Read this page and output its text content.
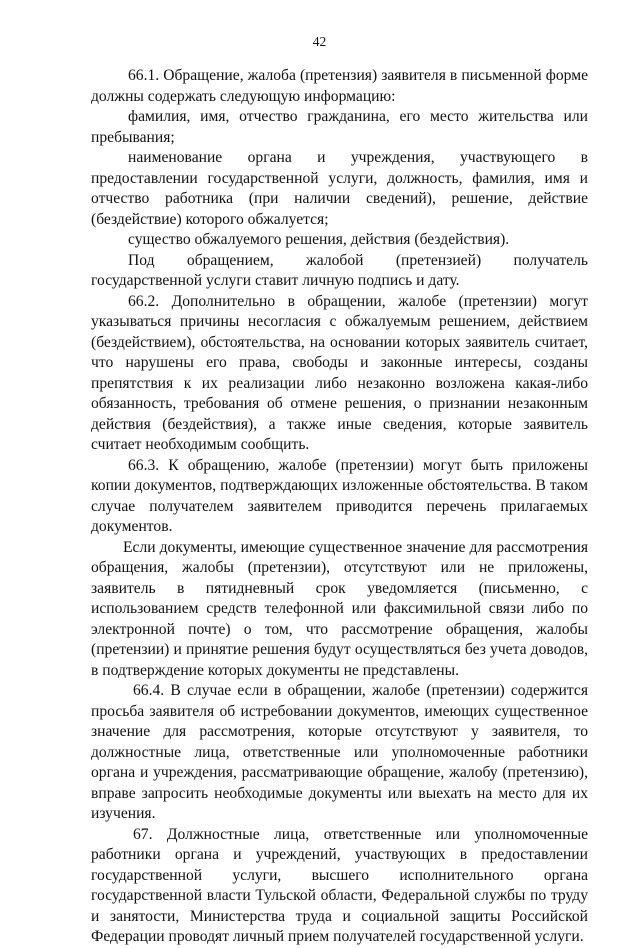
42

66.1. Обращение, жалоба (претензия) заявителя в письменной форме должны содержать следующую информацию:

фамилия, имя, отчество гражданина, его место жительства или пребывания;

наименование органа и учреждения, участвующего в предоставлении государственной услуги, должность, фамилия, имя и отчество работника (при наличии сведений), решение, действие (бездействие) которого обжалуется;

существо обжалуемого решения, действия (бездействия).

Под обращением, жалобой (претензией) получатель государственной услуги ставит личную подпись и дату.

66.2. Дополнительно в обращении, жалобе (претензии) могут указываться причины несогласия с обжалуемым решением, действием (бездействием), обстоятельства, на основании которых заявитель считает, что нарушены его права, свободы и законные интересы, созданы препятствия к их реализации либо незаконно возложена какая-либо обязанность, требования об отмене решения, о признании незаконным действия (бездействия), а также иные сведения, которые заявитель считает необходимым сообщить.

66.3. К обращению, жалобе (претензии) могут быть приложены копии документов, подтверждающих изложенные обстоятельства. В таком случае получателем заявителем приводится перечень прилагаемых документов.

Если документы, имеющие существенное значение для рассмотрения обращения, жалобы (претензии), отсутствуют или не приложены, заявитель в пятидневный срок уведомляется (письменно, с использованием средств телефонной или факсимильной связи либо по электронной почте) о том, что рассмотрение обращения, жалобы (претензии) и принятие решения будут осуществляться без учета доводов, в подтверждение которых документы не представлены.

66.4. В случае если в обращении, жалобе (претензии) содержится просьба заявителя об истребовании документов, имеющих существенное значение для рассмотрения, которые отсутствуют у заявителя, то должностные лица, ответственные или уполномоченные работники органа и учреждения, рассматривающие обращение, жалобу (претензию), вправе запросить необходимые документы или выехать на место для их изучения.

67. Должностные лица, ответственные или уполномоченные работники органа и учреждений, участвующих в предоставлении государственной услуги, высшего исполнительного органа государственной власти Тульской области, Федеральной службы по труду и занятости, Министерства труда и социальной защиты Российской Федерации проводят личный прием получателей государственной услуги.
